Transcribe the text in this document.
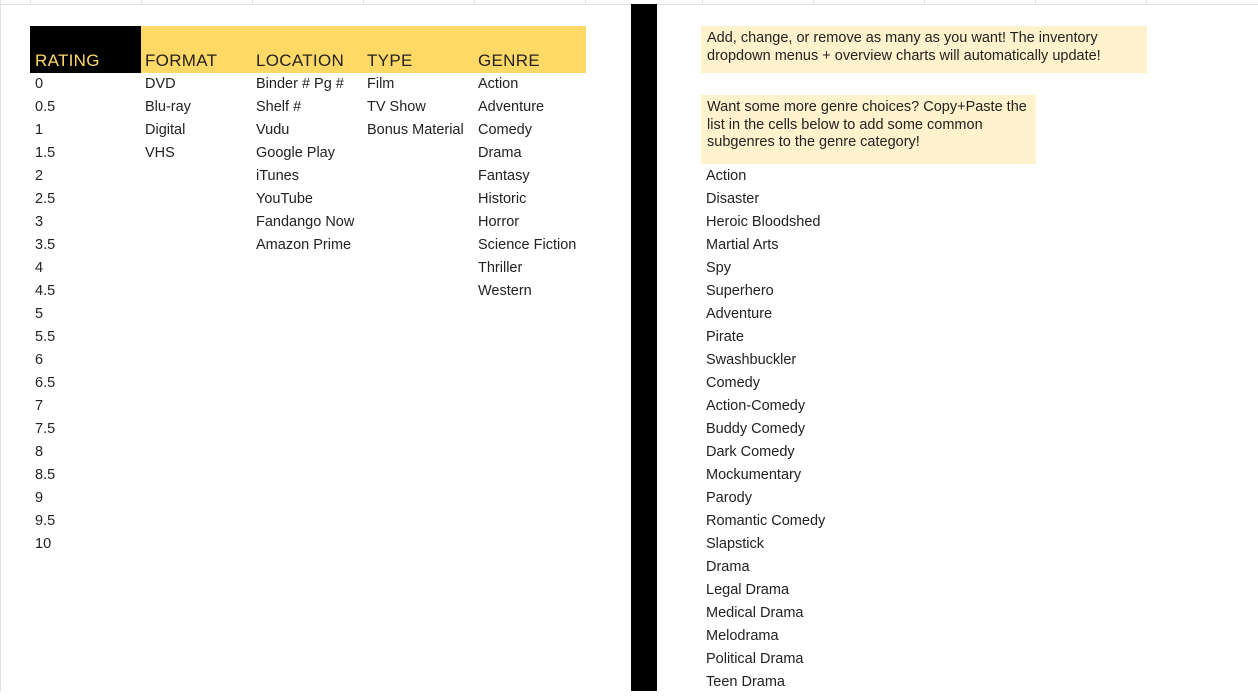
RATING	FORMAT LOCATION TYPE	GENRE
0
0.5
1
1.5
2
2.5
3
3.5
4
4.5
5
5.5
6
6.5
7
7.5
8
8.5
9
9.5
10
DVD
Blu-ray
Digital
VHS
Binder # Pg #
Shelf #
Vudu
Google Play
iTunes
YouTube
Fandango Now
Amazon Prime
Film
TV Show
Bonus Material
Action
Adventure
Comedy
Drama
Fantasy
Historic
Horror
Science Fiction
Thriller
Western
Add, change, or remove as many as you want! The inventory
dropdown menus + overview charts will automatically update!
Want some more genre choices? Copy+Paste the
list in the cells below to add some common
subgenres to the genre category!
Action
Disaster
Heroic Bloodshed
Martial Arts
Spy
Superhero
Adventure
Pirate
Swashbuckler
Comedy
Action-Comedy
Buddy Comedy
Dark Comedy
Mockumentary
Parody
Romantic Comedy
Slapstick
Drama
Legal Drama
Medical Drama
Melodrama
Political Drama
Teen Drama
